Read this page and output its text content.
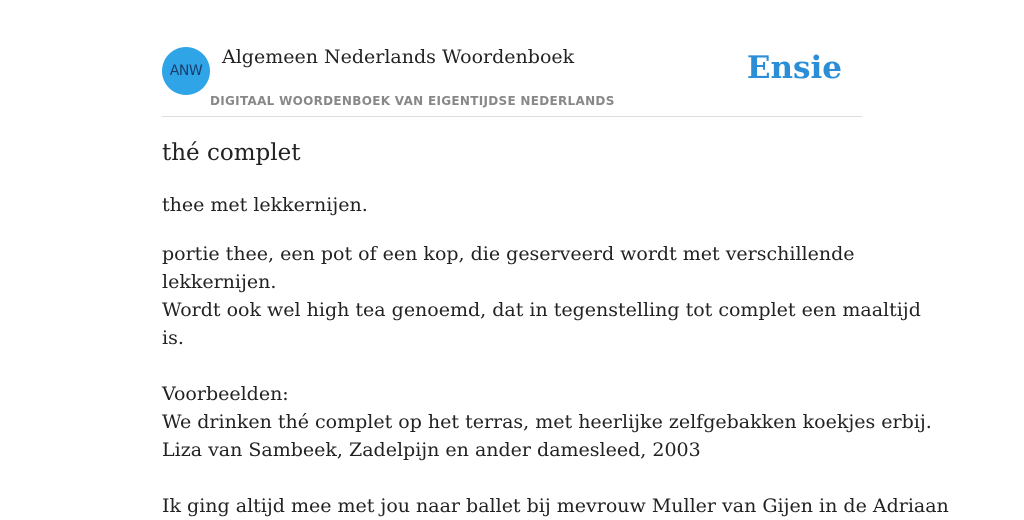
ANW
Algemeen Nederlands Woordenboek
DIGITAAL WOORDENBOEK VAN EIGENTIJDSE NEDERLANDS
Ensie
thé complet
thee met lekkernijen.
portie thee, een pot of een kop, die geserveerd wordt met verschillende
lekkernijen.
Wordt ook wel high tea genoemd, dat in tegenstelling tot complet een maaltijd
is.
Voorbeelden:
We drinken thé complet op het terras, met heerlijke zelfgebakken koekjes erbij.
Liza van Sambeek, Zadelpijn en ander damesleed, 2003
Ik ging altijd mee met jou naar ballet bij mevrouw Muller van Gijen in de Adriaan
